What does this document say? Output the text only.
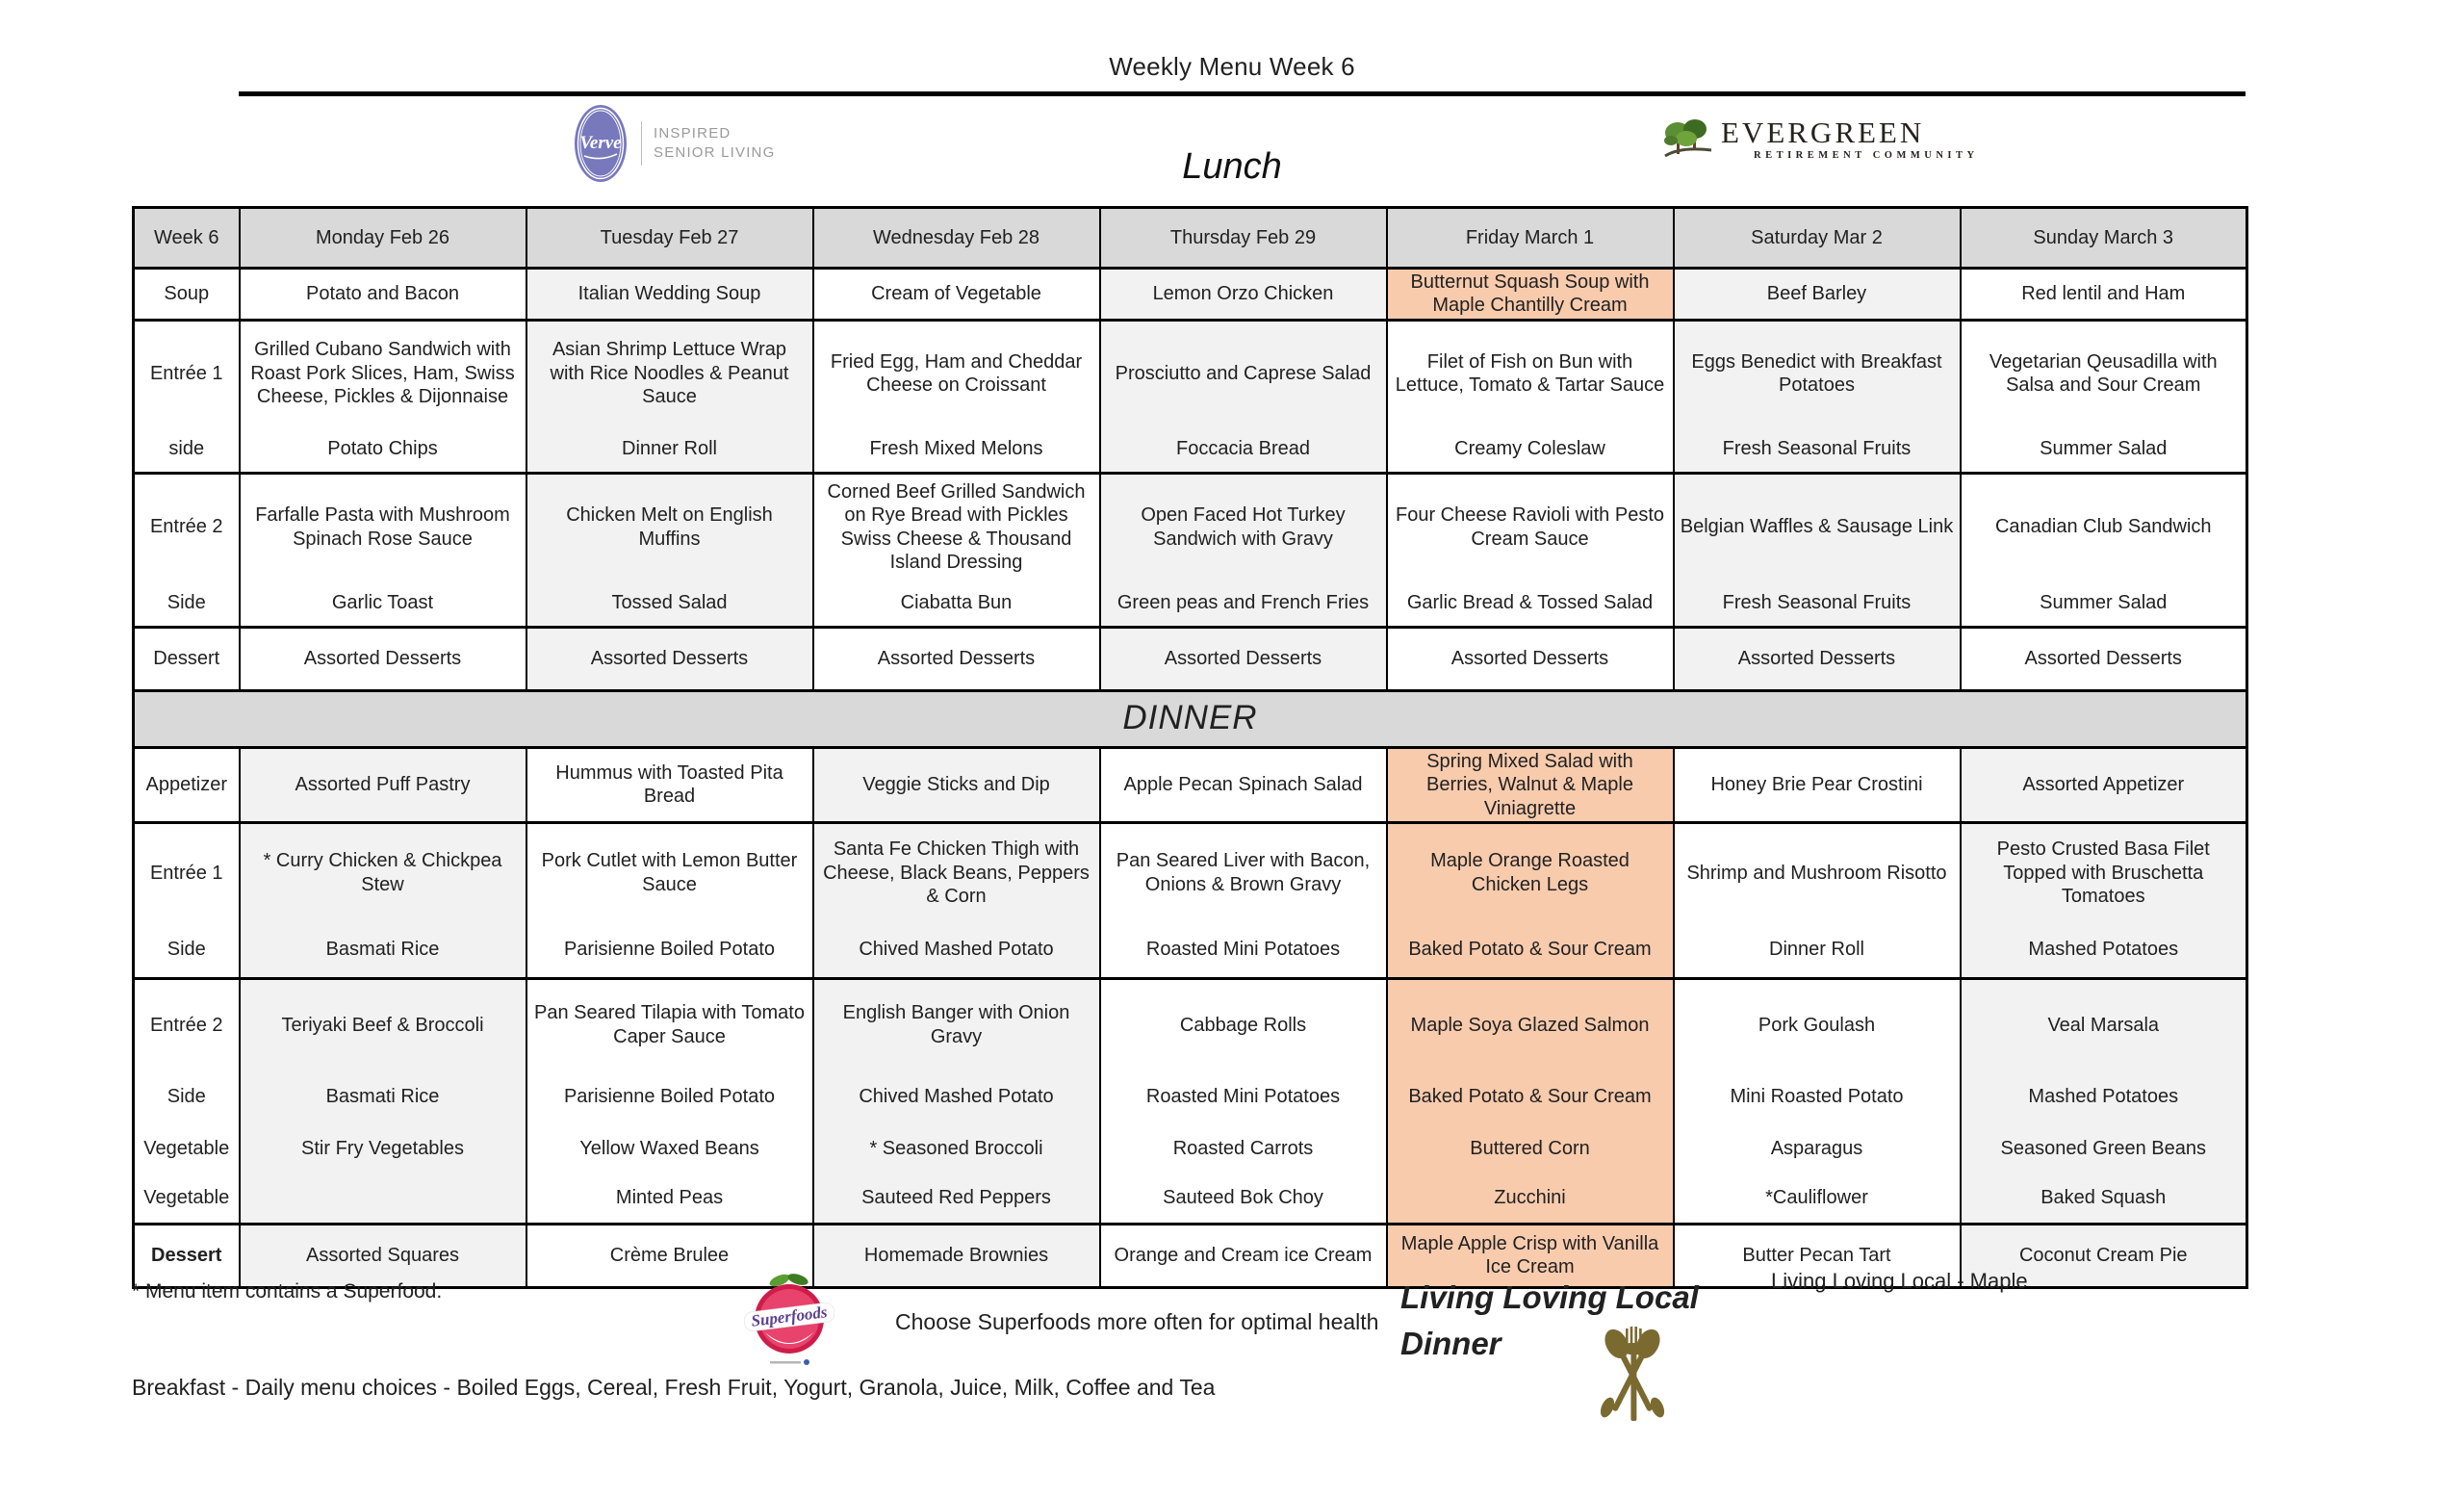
Weekly Menu Week 6
Verve INSPIRED
SENIOR LIVING	Lunch
EVERGREEN
RETIREMENT COMMUNITY
Week 6	Monday Feb 26	Tuesday Feb 27	Wednesday Feb 28	Thursday Feb 29	Friday March 1	Saturday Mar 2	Sunday March 3
Soup	Potato and Bacon	Italian Wedding Soup	Cream of Vegetable	Lemon Orzo Chicken	Butternut Squash Soup with Maple Chantilly Cream	Beef Barley	Red lentil and Ham
Entrée 1	Grilled Cubano Sandwich with Roast Pork Slices, Ham, Swiss Cheese, Pickles & Dijonnaise	Asian Shrimp Lettuce Wrap with Rice Noodles & Peanut Sauce	Fried Egg, Ham and Cheddar Cheese on Croissant	Prosciutto and Caprese Salad	Filet of Fish on Bun with Lettuce, Tomato & Tartar Sauce	Eggs Benedict with Breakfast Potatoes	Vegetarian Qeusadilla with Salsa and Sour Cream
side	Potato Chips	Dinner Roll	Fresh Mixed Melons	Foccacia Bread	Creamy Coleslaw	Fresh Seasonal Fruits	Summer Salad
Entrée 2	Farfalle Pasta with Mushroom Spinach Rose Sauce	Chicken Melt on English Muffins	Corned Beef Grilled Sandwich on Rye Bread with Pickles Swiss Cheese & Thousand Island Dressing	Open Faced Hot Turkey Sandwich with Gravy	Four Cheese Ravioli with Pesto Cream Sauce	Belgian Waffles & Sausage Link	Canadian Club Sandwich
Side	Garlic Toast	Tossed Salad	Ciabatta Bun	Green peas and French Fries	Garlic Bread & Tossed Salad	Fresh Seasonal Fruits	Summer Salad
Dessert	Assorted Desserts	Assorted Desserts	Assorted Desserts	Assorted Desserts	Assorted Desserts	Assorted Desserts	Assorted Desserts
DINNER							
Appetizer	Assorted Puff Pastry	Hummus with Toasted Pita Bread	Veggie Sticks and Dip	Apple Pecan Spinach Salad	Spring Mixed Salad with Berries, Walnut & Maple Viniagrette	Honey Brie Pear Crostini	Assorted Appetizer
Entrée 1	* Curry Chicken & Chickpea Stew	Pork Cutlet with Lemon Butter Sauce	Santa Fe Chicken Thigh with Cheese, Black Beans, Peppers & Corn	Pan Seared Liver with Bacon, Onions & Brown Gravy	Maple Orange Roasted Chicken Legs	Shrimp and Mushroom Risotto	Pesto Crusted Basa Filet Topped with Bruschetta Tomatoes
Side	Basmati Rice	Parisienne Boiled Potato	Chived Mashed Potato	Roasted Mini Potatoes	Baked Potato & Sour Cream	Dinner Roll	Mashed Potatoes
Entrée 2	Teriyaki Beef & Broccoli	Pan Seared Tilapia with Tomato Caper Sauce	English Banger with Onion Gravy	Cabbage Rolls	Maple Soya Glazed Salmon	Pork Goulash	Veal Marsala
Side	Basmati Rice	Parisienne Boiled Potato	Chived Mashed Potato	Roasted Mini Potatoes	Baked Potato & Sour Cream	Mini Roasted Potato	Mashed Potatoes
Vegetable	Stir Fry Vegetables	Yellow Waxed Beans	* Seasoned Broccoli	Roasted Carrots	Buttered Corn	Asparagus	Seasoned Green Beans
Vegetable		Minted Peas	Sauteed Red Peppers	Sauteed Bok Choy	Zucchini	*Cauliflower	Baked Squash
Dessert	Assorted Squares	Crème Brulee	Homemade Brownies	Orange and Cream ice Cream	Maple Apple Crisp with Vanilla Ice Cream	Butter Pecan Tart	Coconut Cream Pie
* Menu item contains a Superfood.
Superfoods	Choose Superfoods more often for optimal health
Living Loving Local
Dinner
Living Loving Local - Maple
Breakfast - Daily menu choices - Boiled Eggs, Cereal, Fresh Fruit, Yogurt, Granola, Juice, Milk, Coffee and Tea
